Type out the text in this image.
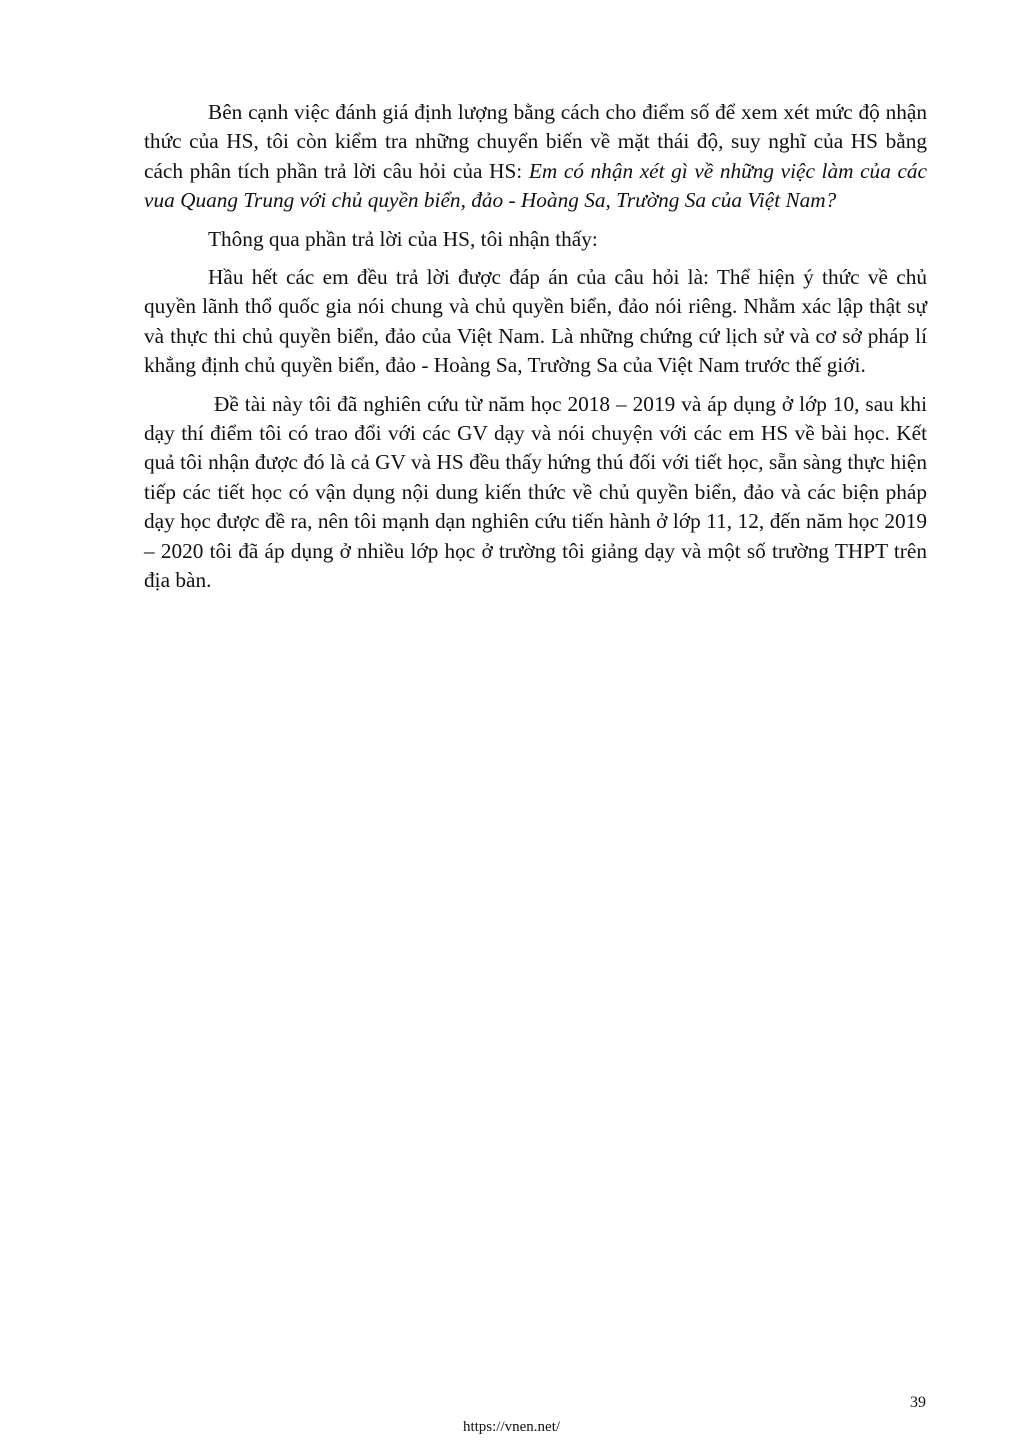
Bên cạnh việc đánh giá định lượng bằng cách cho điểm số để xem xét mức độ nhận thức của HS, tôi còn kiểm tra những chuyển biến về mặt thái độ, suy nghĩ của HS bằng cách phân tích phần trả lời câu hỏi của HS: Em có nhận xét gì về những việc làm của các vua Quang Trung với chủ quyền biển, đảo - Hoàng Sa, Trường Sa của Việt Nam?

Thông qua phần trả lời của HS, tôi nhận thấy:

Hầu hết các em đều trả lời được đáp án của câu hỏi là: Thể hiện ý thức về chủ quyền lãnh thổ quốc gia nói chung và chủ quyền biển, đảo nói riêng. Nhằm xác lập thật sự và thực thi chủ quyền biển, đảo của Việt Nam. Là những chứng cứ lịch sử và cơ sở pháp lí khẳng định chủ quyền biển, đảo - Hoàng Sa, Trường Sa của Việt Nam trước thế giới.

Đề tài này tôi đã nghiên cứu từ năm học 2018 – 2019 và áp dụng ở lớp 10, sau khi dạy thí điểm tôi có trao đổi với các GV dạy và nói chuyện với các em HS về bài học. Kết quả tôi nhận được đó là cả GV và HS đều thấy hứng thú đối với tiết học, sẵn sàng thực hiện tiếp các tiết học có vận dụng nội dung kiến thức về chủ quyền biển, đảo và các biện pháp dạy học được đề ra, nên tôi mạnh dạn nghiên cứu tiến hành ở lớp 11, 12, đến năm học 2019 – 2020 tôi đã áp dụng ở nhiều lớp học ở trường tôi giảng dạy và một số trường THPT trên địa bàn.

39
https://vnen.net/
